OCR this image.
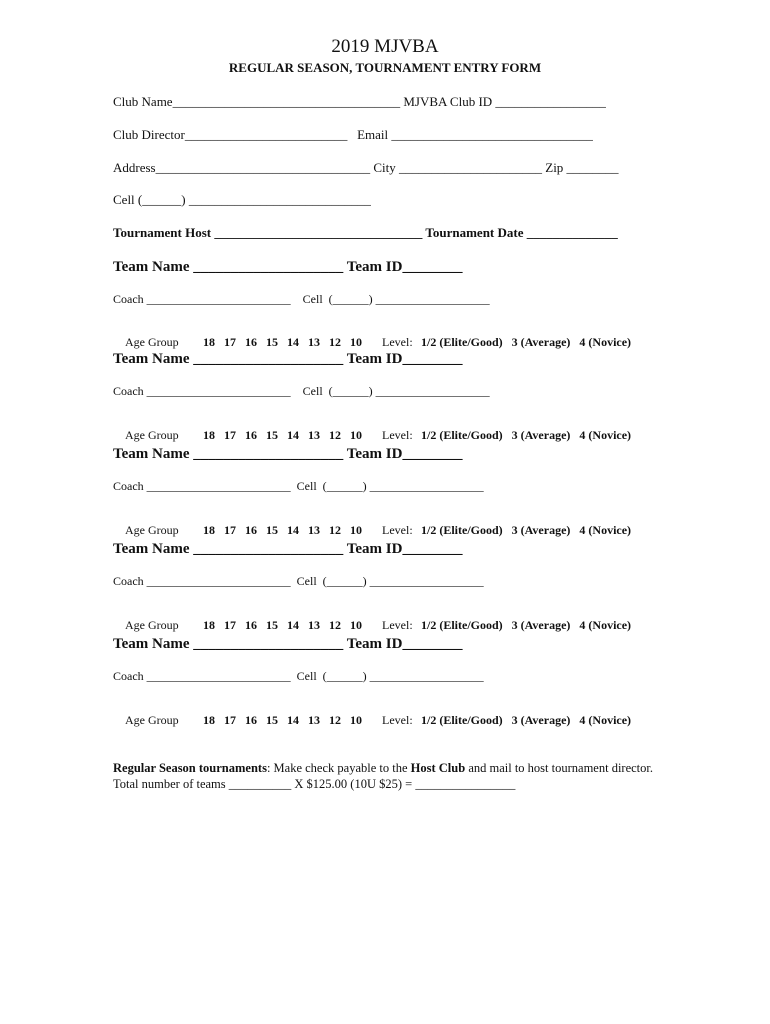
2019 MJVBA
REGULAR SEASON, TOURNAMENT ENTRY FORM
Club Name___________________________________ MJVBA Club ID _________________
Club Director_________________________   Email _______________________________
Address_________________________________ City ______________________ Zip ________
Cell (______) ____________________________
Tournament Host ________________________________ Tournament Date ______________
Team Name ____________________ Team ID________
Coach ________________________    Cell  (______) ___________________

Age Group 18   17   16   15   14   13   12   10 Level: 1/2 (Elite/Good)   3 (Average)   4 (Novice)

Team Name ____________________ Team ID________
Coach ________________________    Cell  (______) ___________________

Age Group 18   17   16   15   14   13   12   10 Level: 1/2 (Elite/Good)   3 (Average)   4 (Novice)

Team Name ____________________ Team ID________
Coach ________________________  Cell  (______) ___________________

Age Group 18   17   16   15   14   13   12   10 Level: 1/2 (Elite/Good)   3 (Average)   4 (Novice)

Team Name ____________________ Team ID________
Coach ________________________  Cell  (______) ___________________

Age Group 18   17   16   15   14   13   12   10 Level: 1/2 (Elite/Good)   3 (Average)   4 (Novice)

Team Name ____________________ Team ID________
Coach ________________________  Cell  (______) ___________________

Age Group 18   17   16   15   14   13   12   10 Level: 1/2 (Elite/Good)   3 (Average)   4 (Novice)

Regular Season tournaments: Make check payable to the Host Club and mail to host tournament director. Total number of teams __________ X $125.00 (10U $25) = ________________
